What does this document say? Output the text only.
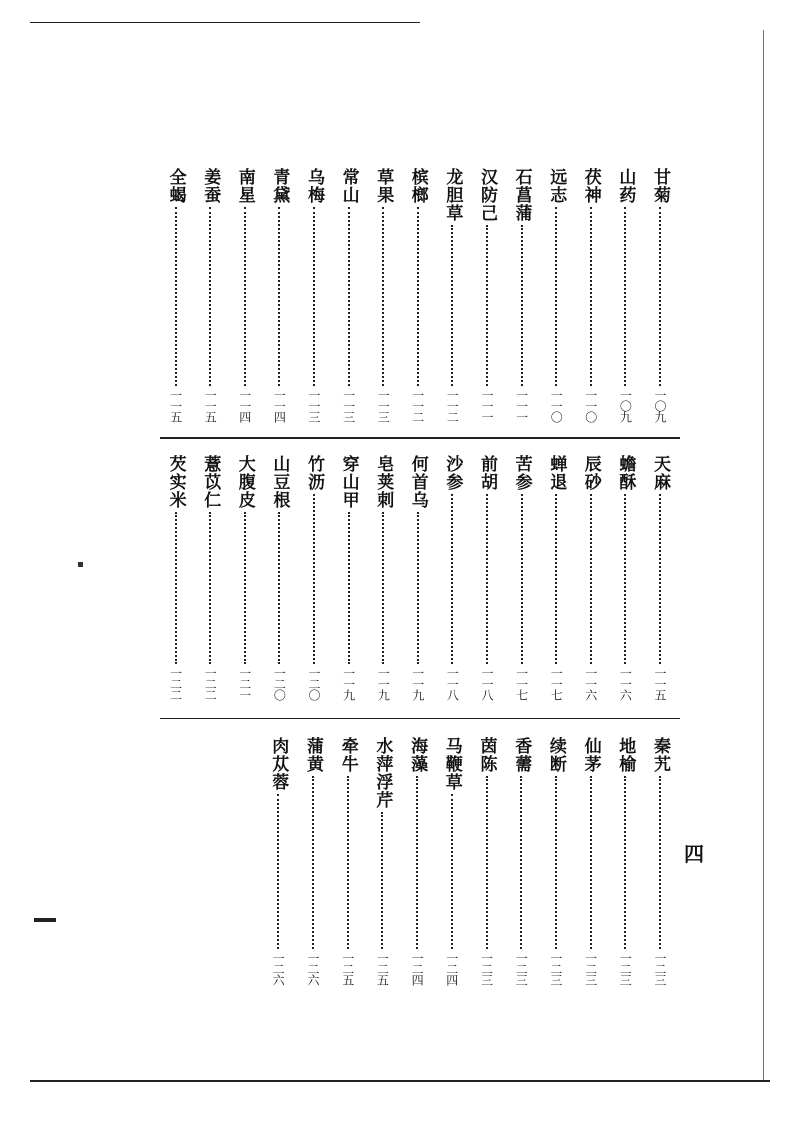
甘菊
一〇九
山药
一〇九
茯神
一一〇
远志
一一〇
石菖蒲
一一一
汉防己
一一一
龙胆草
一一二
槟榔
一一二
草果
一一三
常山
一一三
乌梅
一一三
青黛
一一四
南星
一一四
姜蚕
一一五
全蝎
一一五
天麻
一一五
蟾酥
一一六
辰砂
一一六
蝉退
一一七
苦参
一一七
前胡
一一八
沙参
一一八
何首乌
一一九
皂荚刺
一一九
穿山甲
一一九
竹沥
一二〇
山豆根
一二〇
大腹皮
一二一
薏苡仁
一二二
芡实米
一二二
秦艽
一二三
地榆
一二三
仙茅
一二三
续断
一二三
香薷
一二三
茵陈
一二三
马鞭草
一二四
海藻
一二四
水萍浮芹
一二五
牵牛
一二五
蒲黄
一二六
肉苁蓉
一二六
四
